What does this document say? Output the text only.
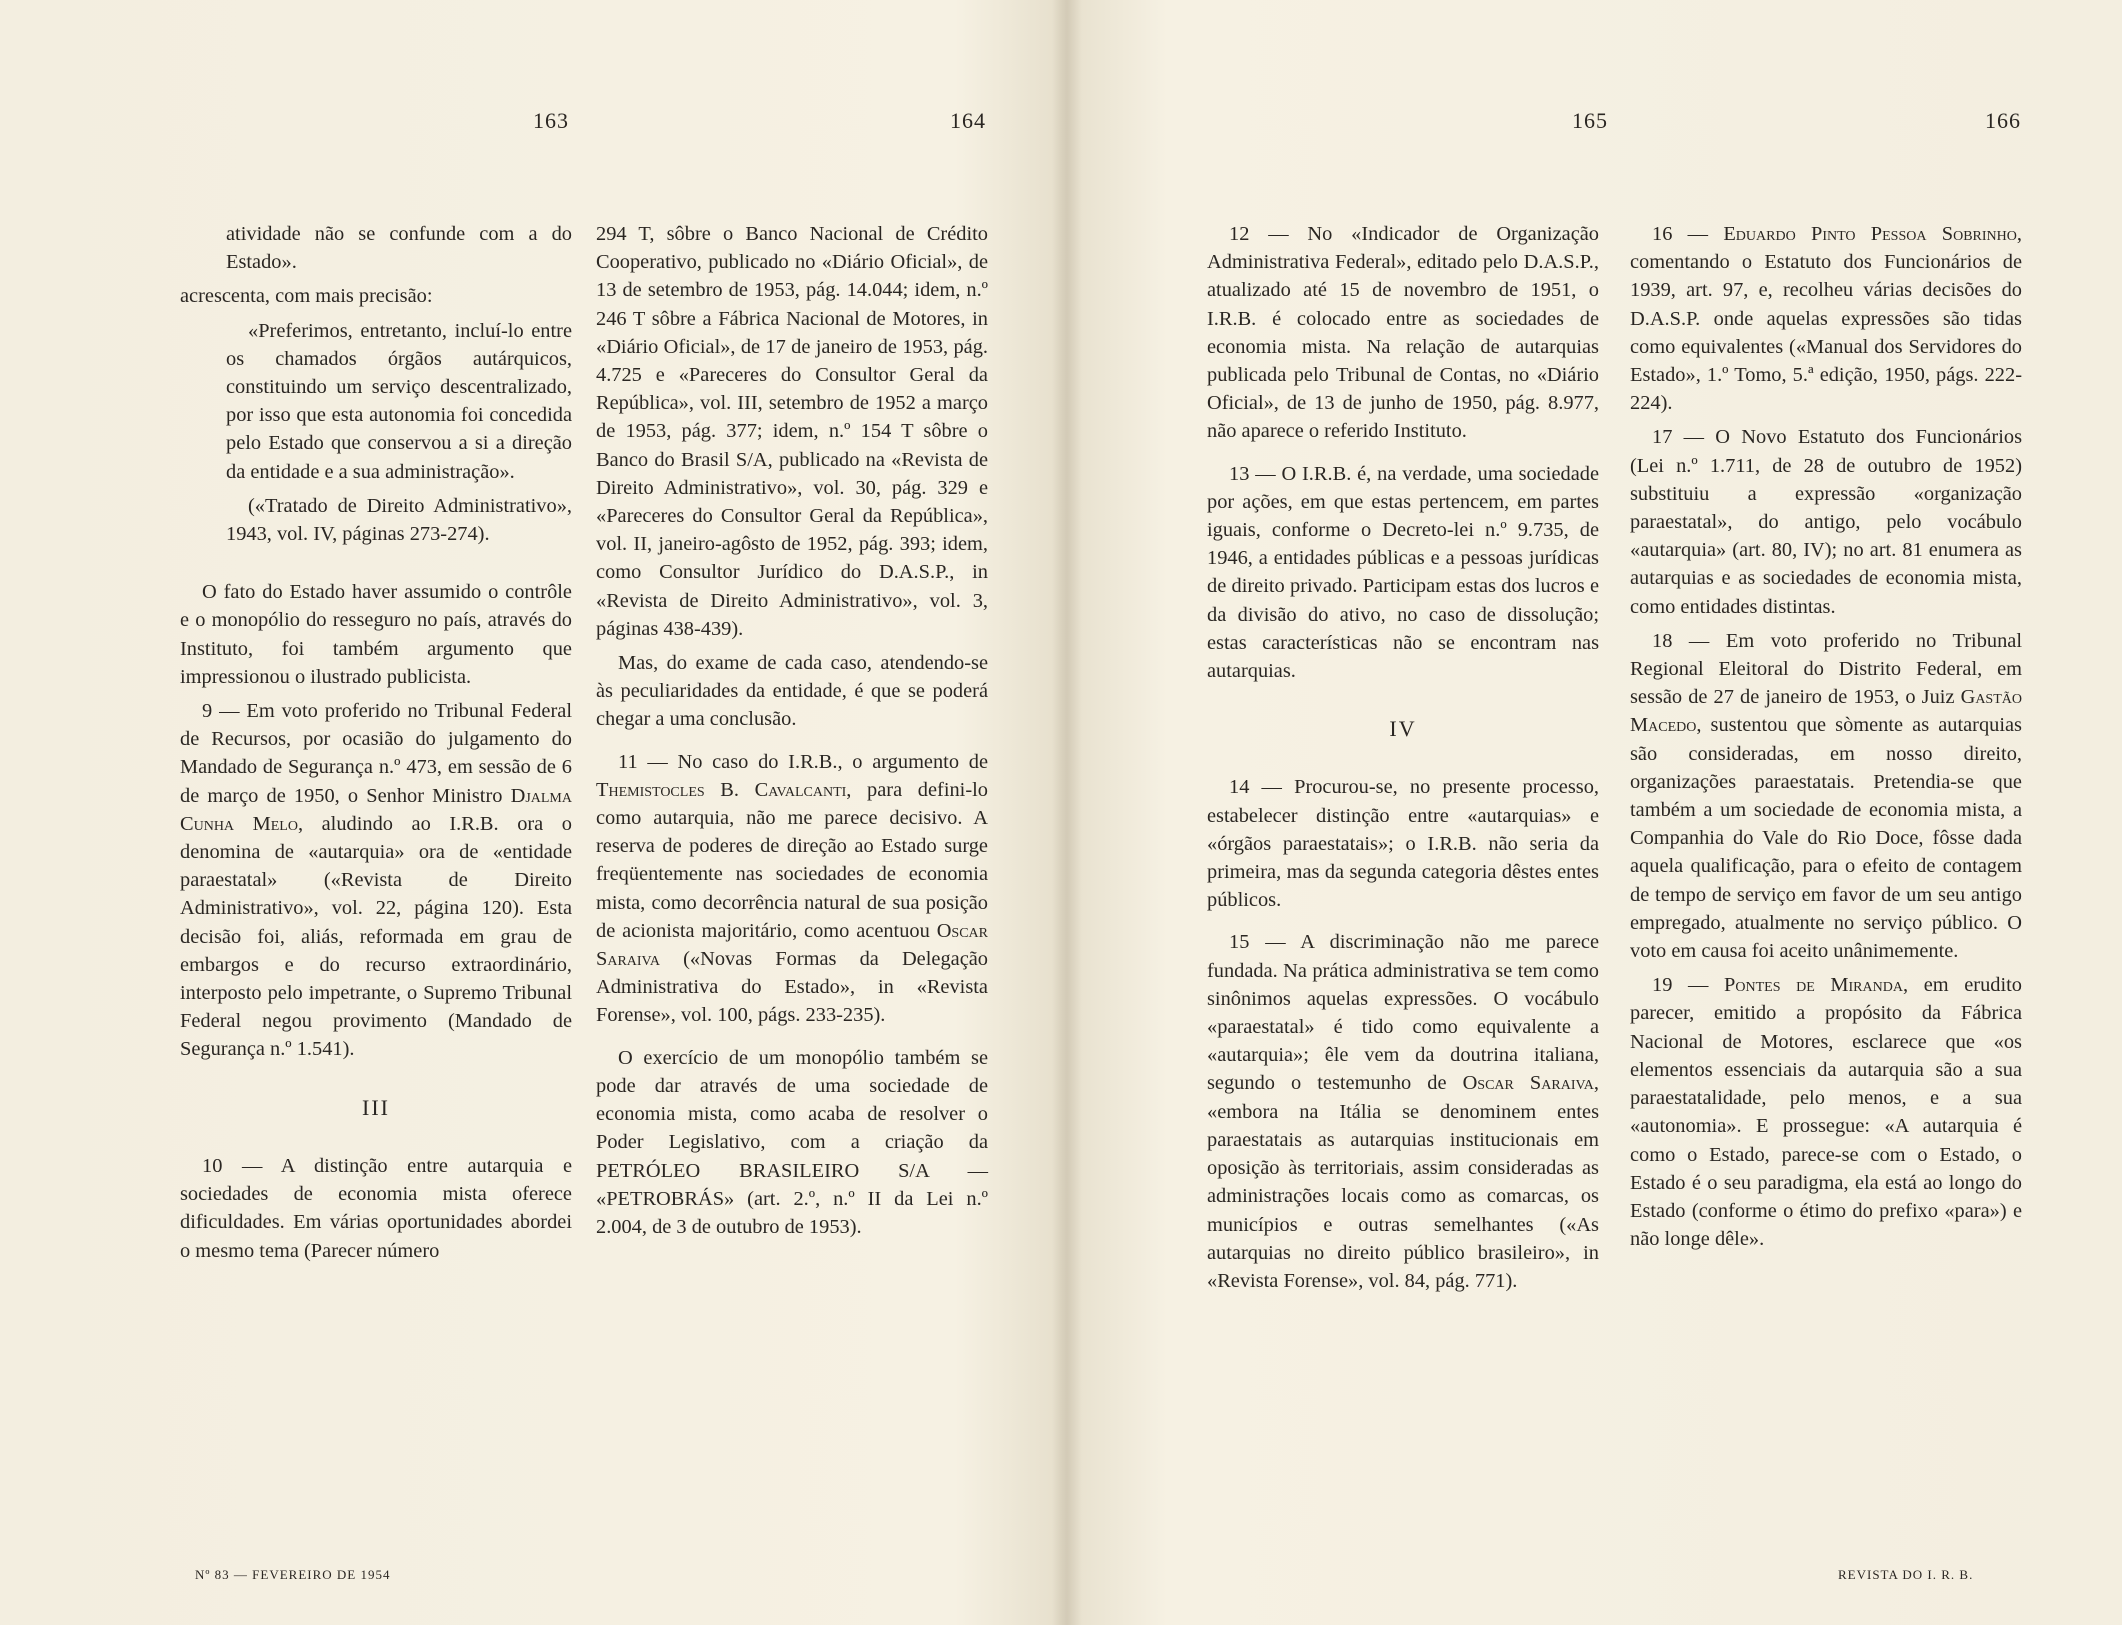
163	164	165	166

atividade não se confunde com a do Estado».

acrescenta, com mais precisão:

«Preferimos, entretanto, incluí-lo entre os chamados órgãos autárquicos, constituindo um serviço descentralizado, por isso que esta autonomia foi concedida pelo Estado que conservou a si a direção da entidade e a sua administração».

(«Tratado de Direito Administrativo», 1943, vol. IV, páginas 273-274).

O fato do Estado haver assumido o contrôle e o monopólio do resseguro no país, através do Instituto, foi também argumento que impressionou o ilustrado publicista.

9 — Em voto proferido no Tribunal Federal de Recursos, por ocasião do julgamento do Mandado de Segurança n.º 473, em sessão de 6 de março de 1950, o Senhor Ministro Djalma Cunha Melo, aludindo ao I.R.B. ora o denomina de «autarquia» ora de «entidade paraestatal» («Revista de Direito Administrativo», vol. 22, página 120). Esta decisão foi, aliás, reformada em grau de embargos e do recurso extraordinário, interposto pelo impetrante, o Supremo Tribunal Federal negou provimento (Mandado de Segurança n.º 1.541).

III

10 — A distinção entre autarquia e sociedades de economia mista oferece dificuldades. Em várias oportunidades abordei o mesmo tema (Parecer número

294 T, sôbre o Banco Nacional de Crédito Cooperativo, publicado no «Diário Oficial», de 13 de setembro de 1953, pág. 14.044; idem, n.º 246 T sôbre a Fábrica Nacional de Motores, in «Diário Oficial», de 17 de janeiro de 1953, pág. 4.725 e «Pareceres do Consultor Geral da República», vol. III, setembro de 1952 a março de 1953, pág. 377; idem, n.º 154 T sôbre o Banco do Brasil S/A, publicado na «Revista de Direito Administrativo», vol. 30, pág. 329 e «Pareceres do Consultor Geral da República», vol. II, janeiro-agôsto de 1952, pág. 393; idem, como Consultor Jurídico do D.A.S.P., in «Revista de Direito Administrativo», vol. 3, páginas 438-439).

Mas, do exame de cada caso, atendendo-se às peculiaridades da entidade, é que se poderá chegar a uma conclusão.

11 — No caso do I.R.B., o argumento de Themistocles B. Cavalcanti, para defini-lo como autarquia, não me parece decisivo. A reserva de poderes de direção ao Estado surge freqüentemente nas sociedades de economia mista, como decorrência natural de sua posição de acionista majoritário, como acentuou Oscar Saraiva («Novas Formas da Delegação Administrativa do Estado», in «Revista Forense», vol. 100, págs. 233-235).

O exercício de um monopólio também se pode dar através de uma sociedade de economia mista, como acaba de resolver o Poder Legislativo, com a criação da PETRÓLEO BRASILEIRO S/A — «PETROBRÁS» (art. 2.º, n.º II da Lei n.º 2.004, de 3 de outubro de 1953).

12 — No «Indicador de Organização Administrativa Federal», editado pelo D.A.S.P., atualizado até 15 de novembro de 1951, o I.R.B. é colocado entre as sociedades de economia mista. Na relação de autarquias publicada pelo Tribunal de Contas, no «Diário Oficial», de 13 de junho de 1950, pág. 8.977, não aparece o referido Instituto.

13 — O I.R.B. é, na verdade, uma sociedade por ações, em que estas pertencem, em partes iguais, conforme o Decreto-lei n.º 9.735, de 1946, a entidades públicas e a pessoas jurídicas de direito privado. Participam estas dos lucros e da divisão do ativo, no caso de dissolução; estas características não se encontram nas autarquias.

IV

14 — Procurou-se, no presente processo, estabelecer distinção entre «autarquias» e «órgãos paraestatais»; o I.R.B. não seria da primeira, mas da segunda categoria dêstes entes públicos.

15 — A discriminação não me parece fundada. Na prática administrativa se tem como sinônimos aquelas expressões. O vocábulo «paraestatal» é tido como equivalente a «autarquia»; êle vem da doutrina italiana, segundo o testemunho de Oscar Saraiva, «embora na Itália se denominem entes paraestatais as autarquias institucionais em oposição às territoriais, assim consideradas as administrações locais como as comarcas, os municípios e outras semelhantes («As autarquias no direito público brasileiro», in «Revista Forense», vol. 84, pág. 771).

16 — Eduardo Pinto Pessoa Sobrinho, comentando o Estatuto dos Funcionários de 1939, art. 97, e, recolheu várias decisões do D.A.S.P. onde aquelas expressões são tidas como equivalentes («Manual dos Servidores do Estado», 1.º Tomo, 5.ª edição, 1950, págs. 222-224).

17 — O Novo Estatuto dos Funcionários (Lei n.º 1.711, de 28 de outubro de 1952) substituiu a expressão «organização paraestatal», do antigo, pelo vocábulo «autarquia» (art. 80, IV); no art. 81 enumera as autarquias e as sociedades de economia mista, como entidades distintas.

18 — Em voto proferido no Tribunal Regional Eleitoral do Distrito Federal, em sessão de 27 de janeiro de 1953, o Juiz Gastão Macedo, sustentou que sòmente as autarquias são consideradas, em nosso direito, organizações paraestatais. Pretendia-se que também a um sociedade de economia mista, a Companhia do Vale do Rio Doce, fôsse dada aquela qualificação, para o efeito de contagem de tempo de serviço em favor de um seu antigo empregado, atualmente no serviço público. O voto em causa foi aceito unânimemente.

19 — Pontes de Miranda, em erudito parecer, emitido a propósito da Fábrica Nacional de Motores, esclarece que «os elementos essenciais da autarquia são a sua paraestatalidade, pelo menos, e a sua «autonomia». E prossegue: «A autarquia é como o Estado, parece-se com o Estado, o Estado é o seu paradigma, ela está ao longo do Estado (conforme o étimo do prefixo «para») e não longe dêle».

Nº 83 — FEVEREIRO DE 1954	REVISTA DO I. R. B.
